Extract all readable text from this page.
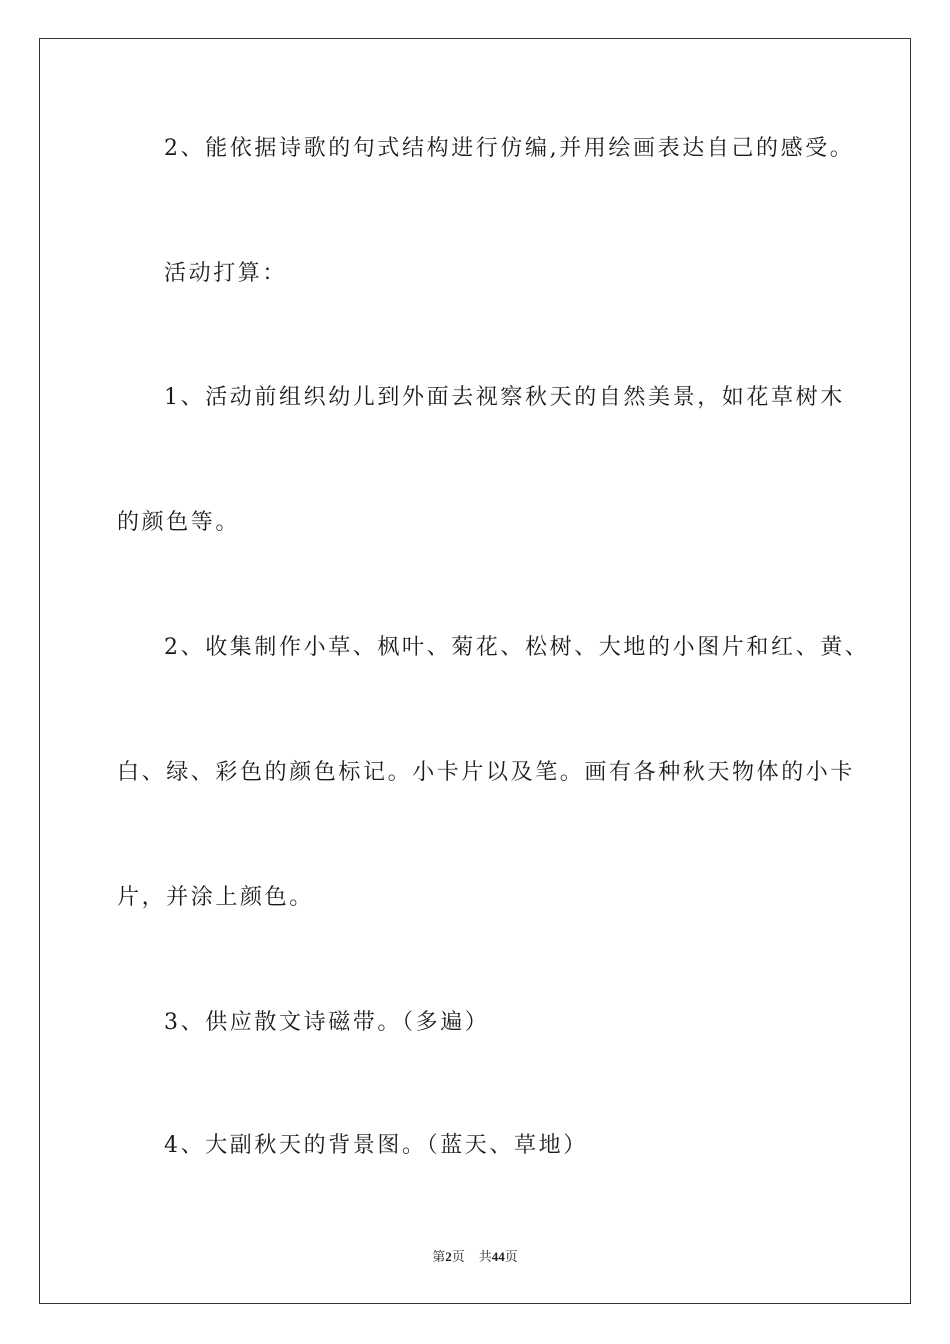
2、能依据诗歌的句式结构进行仿编,并用绘画表达自己的感受。
活动打算：
1、活动前组织幼儿到外面去视察秋天的自然美景，如花草树木
的颜色等。
2、收集制作小草、枫叶、菊花、松树、大地的小图片和红、黄、
白、绿、彩色的颜色标记。小卡片以及笔。画有各种秋天物体的小卡
片，并涂上颜色。
3、供应散文诗磁带。（多遍）
4、大副秋天的背景图。（蓝天、草地）
第2页 共44页
